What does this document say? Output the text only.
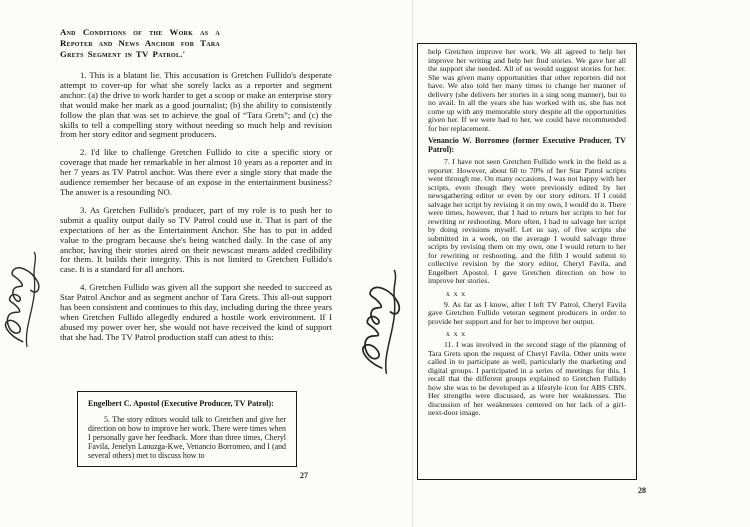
And Conditions of the Work as a Repoter and News Anchor for Tara Grets Segment in TV Patrol.'

1. This is a blatant lie. This accusation is Gretchen Fullido's desperate attempt to cover-up for what she sorely lacks as a reporter and segment anchor: (a) the drive to work harder to get a scoop or make an enterprise story that would make her mark as a good journalist; (b) the ability to consistently follow the plan that was set to achieve the goal of “Tara Grets”; and (c) the skills to tell a compelling story without needing so much help and revision from her story editor and segment producers.

2. I'd like to challenge Gretchen Fullido to cite a specific story or coverage that made her remarkable in her almost 10 years as a reporter and in her 7 years as TV Patrol anchor. Was there ever a single story that made the audience remember her because of an expose in the entertainment business? The answer is a resounding NO.

3. As Gretchen Fullido's producer, part of my role is to push her to submit a quality output daily so TV Patrol could use it. That is part of the expectations of her as the Entertainment Anchor. She has to put in added value to the program because she's being watched daily. In the case of any anchor, having their stories aired on their newscast means added credibility for them. It builds their integrity. This is not limited to Gretchen Fullido's case. It is a standard for all anchors.

4. Gretchen Fullido was given all the support she needed to succeed as Star Patrol Anchor and as segment anchor of Tara Grets. This all-out support has been consistent and continues to this day, including during the three years when Gretchen Fullido allegedly endured a hostile work environment. If I abused my power over her, she would not have received the kind of support that she had. The TV Patrol production staff can attest to this:

Engelbert C. Apostol (Executive Producer, TV Patrol):

5. The story editors would talk to Gretchen and give her direction on how to improve her work. There were times when I personally gave her feedback. More than three times, Cheryl Favila, Jenelyn Lanuzga-Kwe, Venancio Borromeo, and I (and several others) met to discuss how to

27

help Gretchen improve her work. We all agreed to help her improve her writing and help her find stories. We gave her all the support she needed. All of us would suggest stories for her. She was given many opportunities that other reporters did not have. We also told her many times to change her manner of delivery (she delivers her stories in a sing song manner), but to no avail. In all the years she has worked with us, she has not come up with any memorable story despite all the opportunities given her. If we were bad to her, we could have recommended for her replacement.

Venancio W. Borromeo (former Executive Producer, TV Patrol):

7. I have not seen Gretchen Fullido work in the field as a reporter. However, about 60 to 70% of her Star Patrol scripts went through me. On many occasions, I was not happy with her scripts, even though they were previously edited by her newsgathering editor or even by our story editors. If I could salvage her script by revising it on my own, I would do it. There were times, however, that I had to return her scripts to her for rewriting or reshooting. More often, I had to salvage her script by doing revisions myself. Let us say, of five scripts she submitted in a week, on the average I would salvage three scripts by revising them on my own, one I would return to her for rewriting or reshooting, and the fifth I would submit to collective revision by the story editor, Cheryl Favila, and Engelbert Apostol. I gave Gretchen direction on how to improve her stories.

x x x

9. As far as I know, after I left TV Patrol, Cheryl Favila gave Gretchen Fullido veteran segment producers in order to provide her support and for her to improve her output.

x x x

11. I was involved in the second stage of the planning of Tara Grets upon the request of Cheryl Favila. Other units were called in to participate as well, particularly the marketing and digital groups. I participated in a series of meetings for this. I recall that the different groups explained to Gretchen Fullido how she was to be developed as a lifestyle icon for ABS CBN. Her strengths were discussed, as were her weaknesses. The discussion of her weaknesses centered on her lack of a girl-next-door image.

28
